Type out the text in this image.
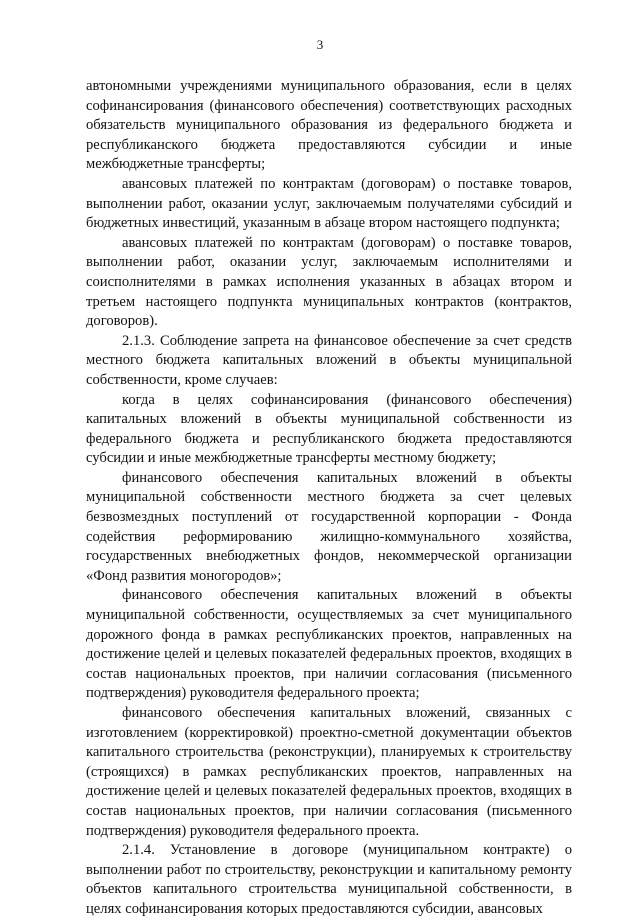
3

автономными учреждениями муниципального образования, если в целях софинансирования (финансового обеспечения) соответствующих расходных обязательств муниципального образования из федерального бюджета и республиканского бюджета предоставляются субсидии и иные межбюджетные трансферты;

авансовых платежей по контрактам (договорам) о поставке товаров, выполнении работ, оказании услуг, заключаемым получателями субсидий и бюджетных инвестиций, указанным в абзаце втором настоящего подпункта;

авансовых платежей по контрактам (договорам) о поставке товаров, выполнении работ, оказании услуг, заключаемым исполнителями и соисполнителями в рамках исполнения указанных в абзацах втором и третьем настоящего подпункта муниципальных контрактов (контрактов, договоров).

2.1.3. Соблюдение запрета на финансовое обеспечение за счет средств местного бюджета капитальных вложений в объекты муниципальной собственности, кроме случаев:

когда в целях софинансирования (финансового обеспечения) капитальных вложений в объекты муниципальной собственности из федерального бюджета и республиканского бюджета предоставляются субсидии и иные межбюджетные трансферты местному бюджету;

финансового обеспечения капитальных вложений в объекты муниципальной собственности местного бюджета за счет целевых безвозмездных поступлений от государственной корпорации - Фонда содействия реформированию жилищно-коммунального хозяйства, государственных внебюджетных фондов, некоммерческой организации «Фонд развития моногородов»;

финансового обеспечения капитальных вложений в объекты муниципальной собственности, осуществляемых за счет муниципального дорожного фонда в рамках республиканских проектов, направленных на достижение целей и целевых показателей федеральных проектов, входящих в состав национальных проектов, при наличии согласования (письменного подтверждения) руководителя федерального проекта;

финансового обеспечения капитальных вложений, связанных с изготовлением (корректировкой) проектно-сметной документации объектов капитального строительства (реконструкции), планируемых к строительству (строящихся) в рамках республиканских проектов, направленных на достижение целей и целевых показателей федеральных проектов, входящих в состав национальных проектов, при наличии согласования (письменного подтверждения) руководителя федерального проекта.

2.1.4. Установление в договоре (муниципальном контракте) о выполнении работ по строительству, реконструкции и капитальному ремонту объектов капитального строительства муниципальной собственности, в целях софинансирования которых предоставляются субсидии, авансовых
